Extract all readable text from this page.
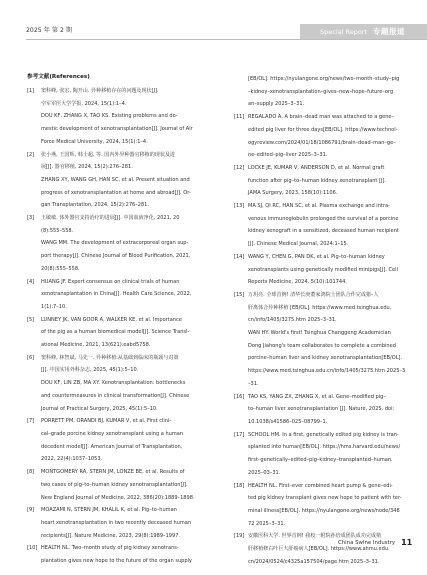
2025 年 第 2 期	Special Report 专题报道
参考文献(References)
[1] 窦科峰, 张宏, 陶开山. 异种移植存在的问题及现状[J].
空军军医大学学报, 2024, 15(1):1–4.
DOU KF, ZHANG X, TAO KS. Existing problems and do-
mestic development of xenotransplantation[J]. Journal of Air
Force Medical University, 2024, 15(1):1–4.
[2] 张小燕, 王国辉, 韩士超, 等. 国内外异种器官移植的现状及进
展[J]. 器官移植, 2024, 15(2):276–281.
ZHANG XY, WANG GH, HAN SC, et al. Present situation and
progress of xenotransplantation at home and abroad[J]. Or-
gan Transplantation, 2024, 15(2):276–281.
[3] 王敏敏. 体外器官支持治疗的进展[J]. 中国血液净化, 2021, 20
(8):555–558.
WANG MM. The development of extracorporeal organ sup-
port therapy[J]. Chinese Journal of Blood Purification, 2021,
20(8):555–558.
[4] HUANG JF. Expert consensus on clinical trials of human
xenotransplantation in China[J]. Health Care Science, 2022,
1(1):7–10.
[5] LUNNEY JK, VAN GOOR A, WALKER KE, et al. Importance
of the pig as a human biomedical model[J]. Science Transl-
ational Medicine, 2021, 13(621):eabd5758.
[6] 窦科峰, 林智斌, 马先一. 异种移植:从基础到临床的瓶颈与对策
[J]. 中国实用外科杂志, 2025, 45(1):5–10.
DOU KF, LIN ZB, MA XY. Xenotransplantation: bottlenecks
and countermeasures in clinical transformation[J]. Chinese
Journal of Practical Surgery, 2025, 45(1):5–10.
[7] PORRETT PM, ORANDI BJ, KUMAR V, et al. First clini-
cal–grade porcine kidney xenotransplant using a human
decedent model[J]. American Journal of Transplantation,
2022, 22(4):1037–1053.
[8] MONTGOMERY RA, STERN JM, LONZE BE, et al. Results of
two cases of pig–to–human kidney xenotransplantation[J].
New England Journal of Medicine, 2022, 386(20):1889–1898.
[9] MOAZAMI N, STERN JM, KHALIL K, et al. Pig–to–human
heart xenotransplantation in two recently deceased human
recipients[J]. Nature Medicine, 2023, 29(8):1989–1997.
[10] HEALTH NL. Two–month study of pig kidney xenotrans-
plantation gives new hope to the future of the organ supply
[EB/OL]. https://nyulangone.org/news/two–month–study–pig
–kidney–xenotransplantation–gives–new–hope–future–org
an–supply 2025–3–31.
[11] REGALADO A. A brain–dead man was attached to a gene–
edited pig liver for three days[EB/OL]. https://www.technol-
ogyreview.com/2024/01/18/1086791/brain–dead–man–ge–
ne–edited–pig–liver 2025–3–31.
[12] LOCKE JE, KUMAR V, ANDERSON D, et al. Normal graft
function after pig–to–human kidney xenotransplant [J].
JAMA Surgery, 2023, 158(10):1106.
[13] MA SJ, QI RC, HAN SC, et al. Plasma exchange and intra-
venous immunoglobulin prolonged the survival of a porcine
kidney xenograft in a sensitized, deceased human recipient
[J]. Chinese Medical Journal, 2024:1–15.
[14] WANG Y, CHEN G, PAN DK, et al. Pig–to–human kidney
xenotransplants using genetically modified minipigs[J]. Cell
Reports Medicine, 2024, 5(10):101744.
[15] 万玥亮. 全球首例! 清华长庚董家鸿院士团队合作完成猪–人
肝离体合异种移植 [EB/OL]. https://www.med.tsinghua.edu.
cn/info/1405/3275.htm 2025–3–31.
WAN HY. World's first! Tsinghua Changgeng Academician
Dong Jiahong's team collaborates to complete a combined
porcine–human liver and kidney xenotransplantation[EB/OL].
https://www.med.tsinghua.edu.cn/info/1405/3275.htm 2025–3
–31.
[16] TAO KS, YANG ZX, ZHANG X, et al. Gene–modified pig–
to–human liver xenotransplantation [J]. Nature, 2025. doi:
10.1038/s41586–025–08799–1.
[17] SCHOOL HM. In a first, genetically edited pig kidney is tran-
splanted into human[EB/OL]. https://hms.harvard.edu/news/
first–genetically–edited–pig–kidney–transplanted–human.
2025–03–31.
[18] HEALTH NL. First–ever combined heart pump & gene–edi-
ted pig kidney transplant gives new hope to patient with ter-
minal illness[EB/OL]. https://nyulangone.org/news/node/348
72 2025–3–31.
[19] 安徽医科大学. 世界首例! 我校一附院孙倍成团队成功完成猪
肝移植修右叶巨大肝癌病人[EB/OL]. https://www.ahmu.edu.
cn/2024/0524/c4325a157504/page.htm 2025–3–31.
China Swine Industry 11
